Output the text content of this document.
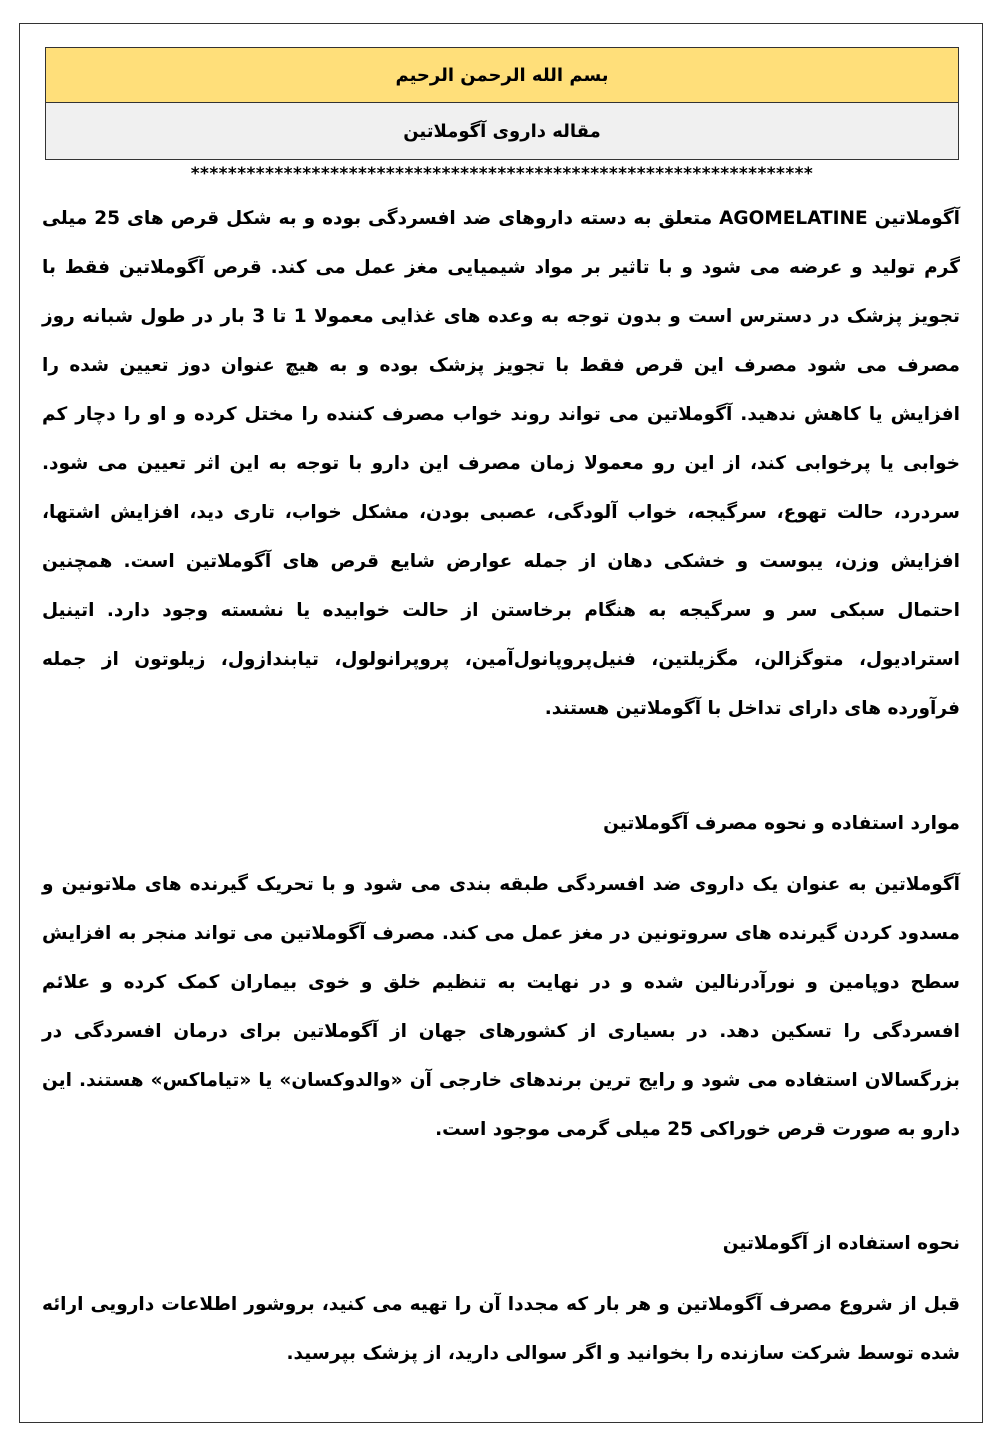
بسم الله الرحمن الرحیم
مقاله داروی آگوملاتین
*******************************************************************

آگوملاتین AGOMELATINE متعلق به دسته داروهای ضد افسردگی بوده و به شکل قرص های 25 میلی گرم تولید و عرضه می شود و با تاثیر بر مواد شیمیایی مغز عمل می کند. قرص آگوملاتین فقط با تجویز پزشک در دسترس است و بدون توجه به وعده های غذایی معمولا 1 تا 3 بار در طول شبانه روز مصرف می شود مصرف این قرص فقط با تجویز پزشک بوده و به هیچ عنوان دوز تعیین شده را افزایش یا کاهش ندهید. آگوملاتین می تواند روند خواب مصرف کننده را مختل کرده و او را دچار کم خوابی یا پرخوابی کند، از این رو معمولا زمان مصرف این دارو با توجه به این اثر تعیین می شود. سردرد، حالت تهوع، سرگیجه، خواب آلودگی، عصبی بودن، مشکل خواب، تاری دید، افزایش اشتها، افزایش وزن، یبوست و خشکی دهان از جمله عوارض شایع قرص های آگوملاتین است. همچنین احتمال سبکی سر و سرگیجه به هنگام برخاستن از حالت خوابیده یا نشسته وجود دارد. اتینیل استرادیول، متوگزالن، مگزیلتین، فنیل‌پروپانول‌آمین، پروپرانولول، تیابندازول، زیلوتون از جمله فرآورده های دارای تداخل با آگوملاتین هستند.

موارد استفاده و نحوه مصرف آگوملاتین

آگوملاتین به عنوان یک داروی ضد افسردگی طبقه بندی می شود و با تحریک گیرنده های ملاتونین و مسدود کردن گیرنده های سروتونین در مغز عمل می کند. مصرف آگوملاتین می تواند منجر به افزایش سطح دوپامین و نورآدرنالین شده و در نهایت به تنظیم خلق و خوی بیماران کمک کرده و علائم افسردگی را تسکین دهد. در بسیاری از کشورهای جهان از آگوملاتین برای درمان افسردگی در بزرگسالان استفاده می شود و رایج ترین برندهای خارجی آن «والدوکسان» یا «تیاماکس» هستند. این دارو به صورت قرص خوراکی 25 میلی گرمی موجود است.

نحوه استفاده از آگوملاتین

قبل از شروع مصرف آگوملاتین و هر بار که مجددا آن را تهیه می کنید، بروشور اطلاعات دارویی ارائه شده توسط شرکت سازنده را بخوانید و اگر سوالی دارید، از پزشک بپرسید.
